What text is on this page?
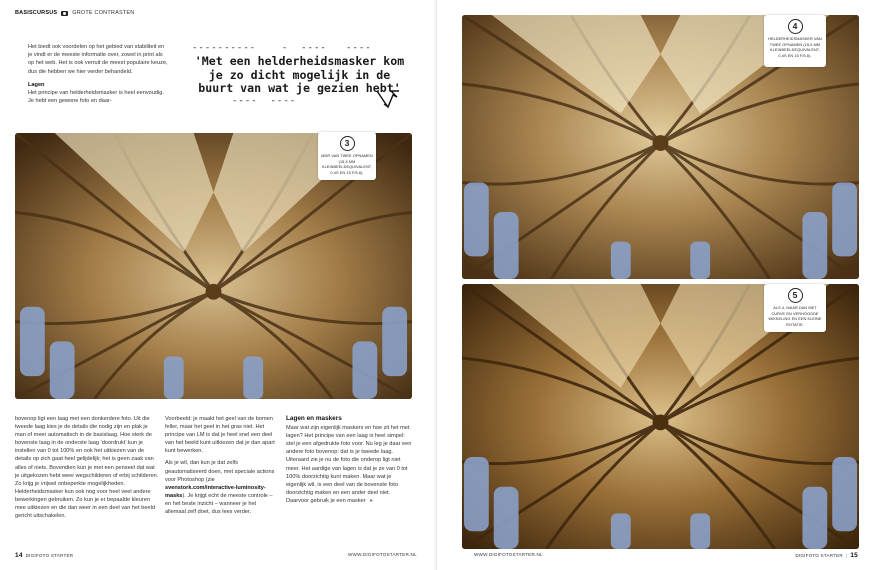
BASISCURSUS	GROTE CONTRASTEN
Het biedt ook voordelen op het gebied van stabiliteit en je vindt er de meeste informatie over, zowel in print als op het web. Het is ook verruit de meest populaire keuze, dus die hebben we hier verder behandeld.
Lagen
Het principe van helderheidsmasker is heel eenvoudig. Je hebt een gewone foto en daar-
----------    -  ----   ----
'Met een helderheidsmasker kom je zo dicht mogelijk in de buurt van wat je gezien hebt'
----  ----
3
MDR VAN TWEE OPNAMEN (15,5 MM KLEINBEELDEQUIVALENT, 0,4S EN 15 F/5.6).

bovenop ligt een laag met een donkerdere foto. Uit die tweede laag kies je de details die nodig zijn en plak je man of meer automatisch in de basislaag. Hoe sterk de bovenste laag in de onderste laag ‘doordrukt’ kun je instellen van 0 tot 100% en ook het uitkiezen van de details op zich gaat heel gelijdelijk; het is geen zaak van alles of niets. Bovendien kun je met een penseel dat wat je uitgekozen hebt weer wegschilderen of erbij schilderen. Zo krijg je vrijwel onbeperkte mogelijkheden. Helderheidsmasker kun ook nog voor heel veel andere bewerkingen gebruiken. Zo kun je er bepaalde kleuren mee uitkiezen en die dan weer in een deel van het beeld gericht uitschakelen.

Voorbeeld: je maakt het geel van de bomen feller, maar het geel in het gras niet. Het principe van LM is dat je heel snel een deel van het beeld kunt uitkiezen dat je dan apart kunt bewerken.

Als je wil, dan kun je dat zelfs geautomatiseerd doen, met speciale actions voor Photoshop (zie svenstork.com/interactive-luminosity-masks). Je krijgt echt de meeste controle – en het beste inzicht – wanneer je het allemaal zelf doet, dus lees verder.

Lagen en maskers

Maar wat zijn eigenlijk maskers en hoe zit het met lagen? Het principe van een laag is heel simpel: stel je een afgedrukte foto voor. Nu leg je daar een andere foto bovenop: dat is je tweede laag. Uiteraard zie je nu de foto die onderop ligt niet meer. Het aardige van lagen is dat je ze van 0 tot 100% doorzichtig kunt maken. Maar wat je eigenlijk wil, is een deel van de bovenste foto doorzichtig maken en een ander deel niet. Daarvoor gebruik je een masker »

14 DIGIFOTO STARTER	WWW.DIGIFOTOSTARTER.NL
4
HELDERHEIDSMASKER VAN TWEE OPNAMEN (15,5 MM KLEINBEELDEQUIVALENT, 0,4S EN 15 F/5.6).
5
ALS 4, MAAR DAN MET CURVE EN VERHOOGDE WIKKELING EN EEN KLEINE ROTATIE.
WWW.DIGIFOTOSTARTER.NL	DIGIFOTO STARTER | 15
